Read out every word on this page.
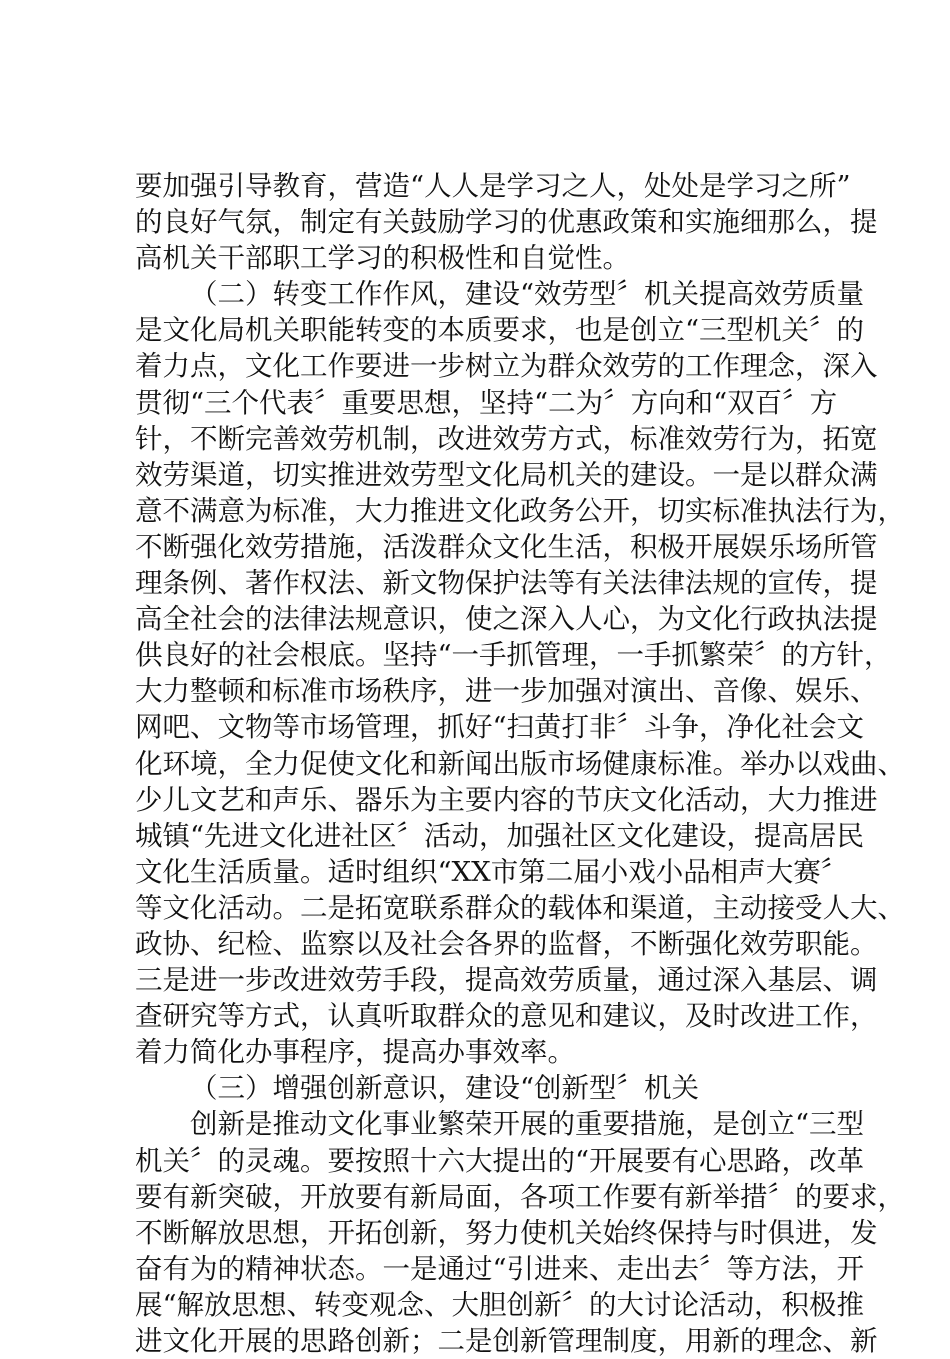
要加强引导教育，营造“人人是学习之人，处处是学习之所”
的良好气氛，制定有关鼓励学习的优惠政策和实施细那么，提
高机关干部职工学习的积极性和自觉性。
（二）转变工作作风，建设“效劳型〞机关提高效劳质量
是文化局机关职能转变的本质要求，也是创立“三型机关〞的
着力点，文化工作要进一步树立为群众效劳的工作理念，深入
贯彻“三个代表〞重要思想，坚持“二为〞方向和“双百〞方
针，不断完善效劳机制，改进效劳方式，标准效劳行为，拓宽
效劳渠道，切实推进效劳型文化局机关的建设。一是以群众满
意不满意为标准，大力推进文化政务公开，切实标准执法行为，
不断强化效劳措施，活泼群众文化生活，积极开展娱乐场所管
理条例、著作权法、新文物保护法等有关法律法规的宣传，提
高全社会的法律法规意识，使之深入人心，为文化行政执法提
供良好的社会根底。坚持“一手抓管理，一手抓繁荣〞的方针，
大力整顿和标准市场秩序，进一步加强对演出、音像、娱乐、
网吧、文物等市场管理，抓好“扫黄打非〞斗争，净化社会文
化环境，全力促使文化和新闻出版市场健康标准。举办以戏曲、
少儿文艺和声乐、器乐为主要内容的节庆文化活动，大力推进
城镇“先进文化进社区〞活动，加强社区文化建设，提高居民
文化生活质量。适时组织“XX市第二届小戏小品相声大赛〞
等文化活动。二是拓宽联系群众的载体和渠道，主动接受人大、
政协、纪检、监察以及社会各界的监督，不断强化效劳职能。
三是进一步改进效劳手段，提高效劳质量，通过深入基层、调
查研究等方式，认真听取群众的意见和建议，及时改进工作，
着力简化办事程序，提高办事效率。
（三）增强创新意识，建设“创新型〞机关
创新是推动文化事业繁荣开展的重要措施，是创立“三型
机关〞的灵魂。要按照十六大提出的“开展要有心思路，改革
要有新突破，开放要有新局面，各项工作要有新举措〞的要求，
不断解放思想，开拓创新，努力使机关始终保持与时俱进，发
奋有为的精神状态。一是通过“引进来、走出去〞等方法，开
展“解放思想、转变观念、大胆创新〞的大讨论活动，积极推
进文化开展的思路创新；二是创新管理制度，用新的理念、新
